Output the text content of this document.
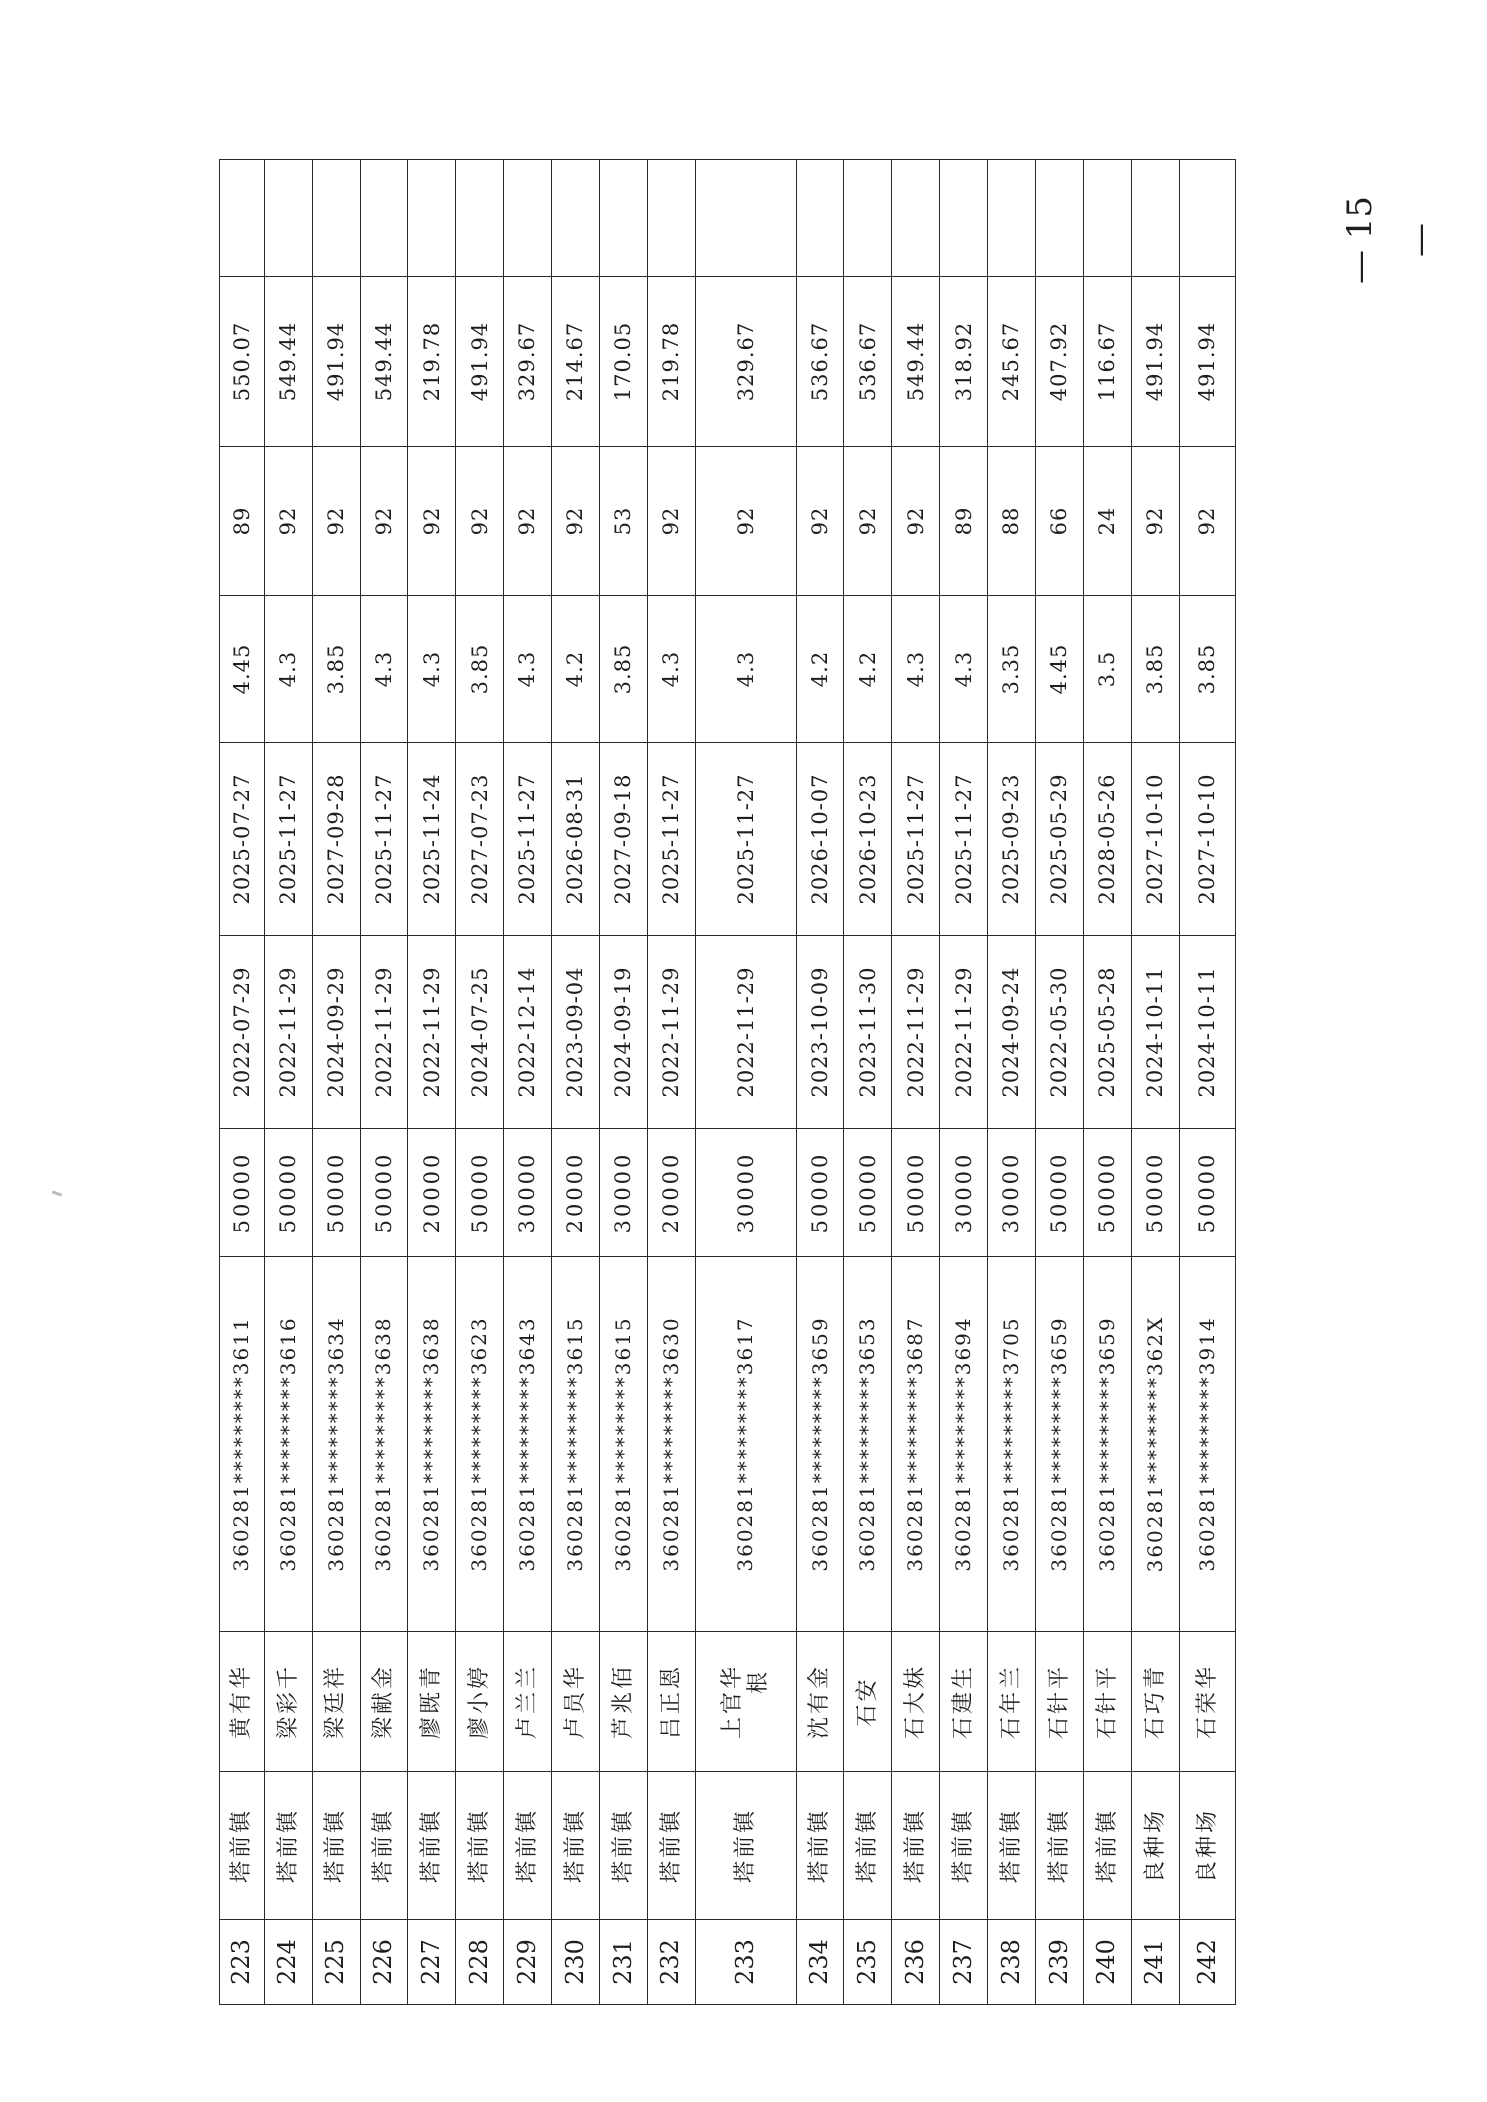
223	塔前镇	黄有华	360281*********3611	50000	2022-07-29	2025-07-27	4.45	89	550.07	
224	塔前镇	梁彩千	360281*********3616	50000	2022-11-29	2025-11-27	4.3	92	549.44	
225	塔前镇	梁廷祥	360281*********3634	50000	2024-09-29	2027-09-28	3.85	92	491.94	
226	塔前镇	梁献金	360281*********3638	50000	2022-11-29	2025-11-27	4.3	92	549.44	
227	塔前镇	廖既青	360281*********3638	20000	2022-11-29	2025-11-24	4.3	92	219.78	
228	塔前镇	廖小婷	360281*********3623	50000	2024-07-25	2027-07-23	3.85	92	491.94	
229	塔前镇	卢兰兰	360281*********3643	30000	2022-12-14	2025-11-27	4.3	92	329.67	
230	塔前镇	卢员华	360281*********3615	20000	2023-09-04	2026-08-31	4.2	92	214.67	
231	塔前镇	芦兆佰	360281*********3615	30000	2024-09-19	2027-09-18	3.85	53	170.05	
232	塔前镇	吕正恩	360281*********3630	20000	2022-11-29	2025-11-27	4.3	92	219.78	
233	塔前镇	上官华 根	360281*********3617	30000	2022-11-29	2025-11-27	4.3	92	329.67	
234	塔前镇	沈有金	360281*********3659	50000	2023-10-09	2026-10-07	4.2	92	536.67	
235	塔前镇	石安	360281*********3653	50000	2023-11-30	2026-10-23	4.2	92	536.67	
236	塔前镇	石大妹	360281*********3687	50000	2022-11-29	2025-11-27	4.3	92	549.44	
237	塔前镇	石建生	360281*********3694	30000	2022-11-29	2025-11-27	4.3	89	318.92	
238	塔前镇	石年兰	360281*********3705	30000	2024-09-24	2025-09-23	3.35	88	245.67	
239	塔前镇	石针平	360281*********3659	50000	2022-05-30	2025-05-29	4.45	66	407.92	
240	塔前镇	石针平	360281*********3659	50000	2025-05-28	2028-05-26	3.5	24	116.67	
241	良种场	石巧青	360281*********362X	50000	2024-10-11	2027-10-10	3.85	92	491.94	
242	良种场	石荣华	360281*********3914	50000	2024-10-11	2027-10-10	3.85	92	491.94	
— 15 —
